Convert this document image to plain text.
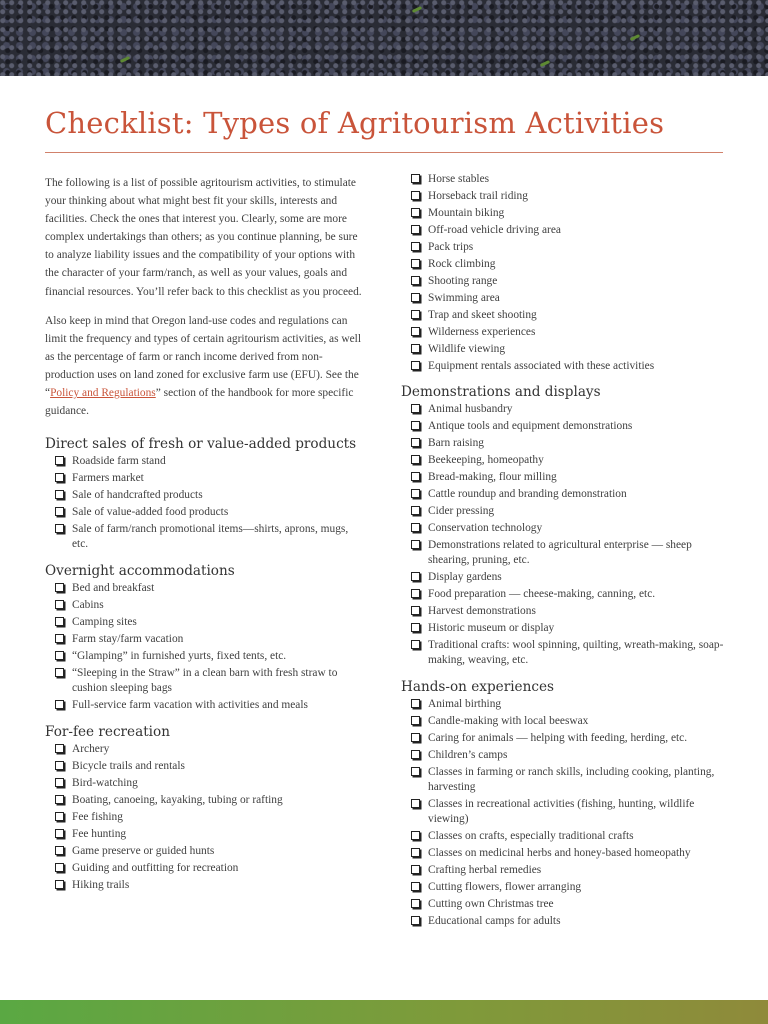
Checklist: Types of Agritourism Activities

The following is a list of possible agritourism activities, to stimulate your thinking about what might best fit your skills, interests and facilities. Check the ones that interest you. Clearly, some are more complex undertakings than others; as you continue planning, be sure to analyze liability issues and the compatibility of your options with the character of your farm/ranch, as well as your values, goals and financial resources. You’ll refer back to this checklist as you proceed.

Also keep in mind that Oregon land-use codes and regulations can limit the frequency and types of certain agritourism activities, as well as the percentage of farm or ranch income derived from non-production uses on land zoned for exclusive farm use (EFU). See the “Policy and Regulations” section of the handbook for more specific guidance.

Direct sales of fresh or value-added products
Roadside farm stand
Farmers market
Sale of handcrafted products
Sale of value-added food products
Sale of farm/ranch promotional items—shirts, aprons, mugs, etc.
Overnight accommodations
Bed and breakfast
Cabins
Camping sites
Farm stay/farm vacation
“Glamping” in furnished yurts, fixed tents, etc.
“Sleeping in the Straw” in a clean barn with fresh straw to cushion sleeping bags
Full-service farm vacation with activities and meals
For-fee recreation
Archery
Bicycle trails and rentals
Bird-watching
Boating, canoeing, kayaking, tubing or rafting
Fee fishing
Fee hunting
Game preserve or guided hunts
Guiding and outfitting for recreation
Hiking trails
Horse stables
Horseback trail riding
Mountain biking
Off-road vehicle driving area
Pack trips
Rock climbing
Shooting range
Swimming area
Trap and skeet shooting
Wilderness experiences
Wildlife viewing
Equipment rentals associated with these activities
Demonstrations and displays
Animal husbandry
Antique tools and equipment demonstrations
Barn raising
Beekeeping, homeopathy
Bread-making, flour milling
Cattle roundup and branding demonstration
Cider pressing
Conservation technology
Demonstrations related to agricultural enterprise — sheep shearing, pruning, etc.
Display gardens
Food preparation — cheese-making, canning, etc.
Harvest demonstrations
Historic museum or display
Traditional crafts: wool spinning, quilting, wreath-making, soap-making, weaving, etc.
Hands-on experiences
Animal birthing
Candle-making with local beeswax
Caring for animals — helping with feeding, herding, etc.
Children’s camps
Classes in farming or ranch skills, including cooking, planting, harvesting
Classes in recreational activities (fishing, hunting, wildlife viewing)
Classes on crafts, especially traditional crafts
Classes on medicinal herbs and honey-based homeopathy
Crafting herbal remedies
Cutting flowers, flower arranging
Cutting own Christmas tree
Educational camps for adults
